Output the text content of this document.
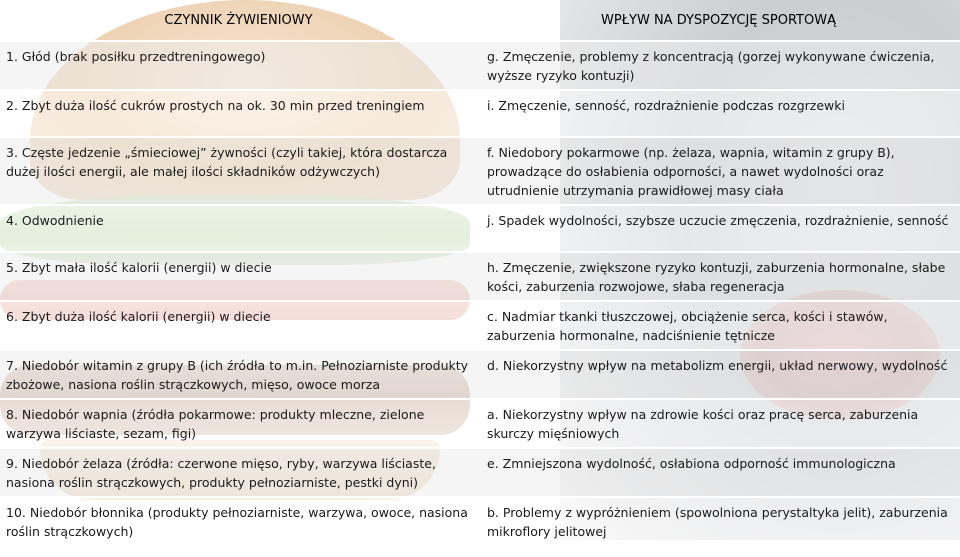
CZYNNIK ŻYWIENIOWY	WPŁYW NA DYSPOZYCJĘ SPORTOWĄ
1. Głód (brak posiłku przedtreningowego)	g. Zmęczenie, problemy z koncentracją (gorzej wykonywane ćwiczenia, wyższe ryzyko kontuzji)
2. Zbyt duża ilość cukrów prostych na ok. 30 min przed treningiem	i. Zmęczenie, senność, rozdrażnienie podczas rozgrzewki
3. Częste jedzenie „śmieciowej” żywności (czyli takiej, która dostarcza dużej ilości energii, ale małej ilości składników odżywczych)	f. Niedobory pokarmowe (np. żelaza, wapnia, witamin z grupy B), prowadzące do osłabienia odporności, a nawet wydolności oraz utrudnienie utrzymania prawidłowej masy ciała
4. Odwodnienie	j. Spadek wydolności, szybsze uczucie zmęczenia, rozdrażnienie, senność
5. Zbyt mała ilość kalorii (energii) w diecie	h. Zmęczenie, zwiększone ryzyko kontuzji, zaburzenia hormonalne, słabe kości, zaburzenia rozwojowe, słaba regeneracja
6. Zbyt duża ilość kalorii (energii) w diecie	c. Nadmiar tkanki tłuszczowej, obciążenie serca, kości i stawów, zaburzenia hormonalne, nadciśnienie tętnicze
7. Niedobór witamin z grupy B (ich źródła to m.in. Pełnoziarniste produkty zbożowe, nasiona roślin strączkowych, mięso, owoce morza	d. Niekorzystny wpływ na metabolizm energii, układ nerwowy, wydolność
8. Niedobór wapnia (źródła pokarmowe: produkty mleczne, zielone warzywa liściaste, sezam, figi)	a. Niekorzystny wpływ na zdrowie kości oraz pracę serca, zaburzenia skurczy mięśniowych
9. Niedobór żelaza (źródła: czerwone mięso, ryby, warzywa liściaste, nasiona roślin strączkowych, produkty pełnoziarniste, pestki dyni)	e. Zmniejszona wydolność, osłabiona odporność immunologiczna
10. Niedobór błonnika (produkty pełnoziarniste, warzywa, owoce, nasiona roślin strączkowych)	b. Problemy z wypróżnieniem (spowolniona perystaltyka jelit), zaburzenia mikroflory jelitowej
